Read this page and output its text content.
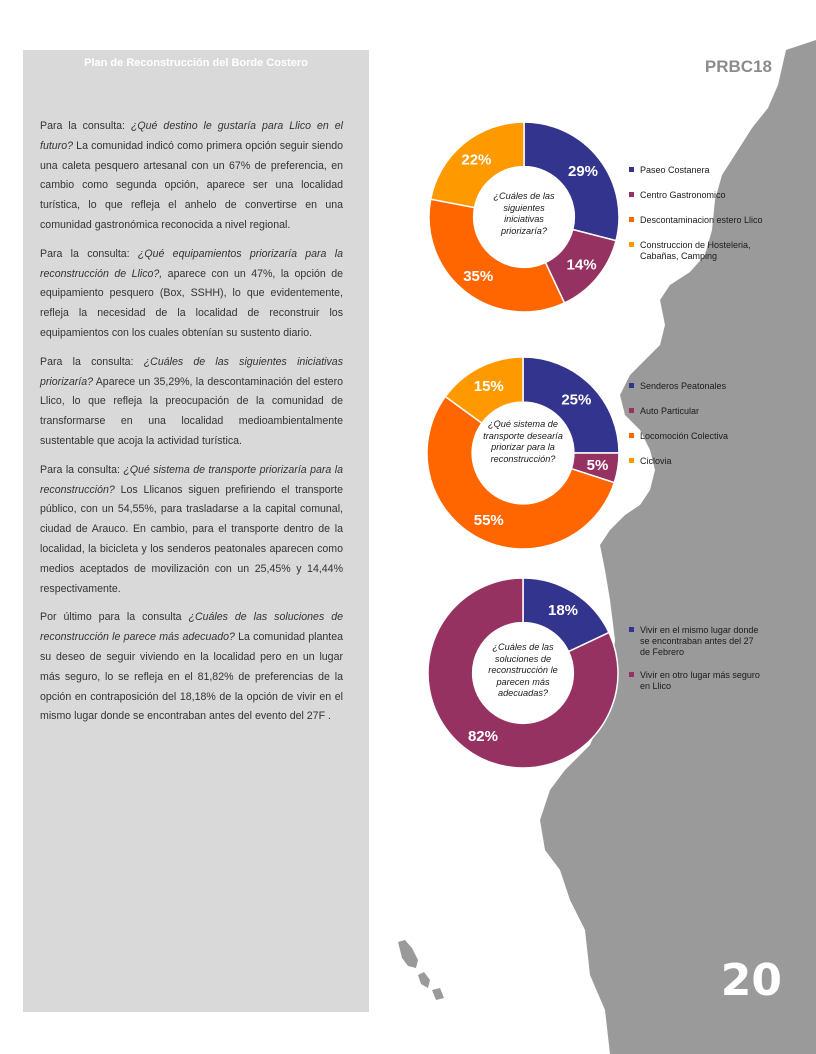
Plan de Reconstrucción del Borde Costero

Para la consulta: ¿Qué destino le gustaría para Llico en el futuro? La comunidad indicó como primera opción seguir siendo una caleta pesquero artesanal con un 67% de preferencia, en cambio como segunda opción, aparece ser una localidad turística, lo que refleja el anhelo de convertirse en una comunidad gastronómica reconocida a nivel regional.

Para la consulta: ¿Qué equipamientos priorizaría para la reconstrucción de Llico?, aparece con un 47%, la opción de equipamiento pesquero (Box, SSHH), lo que evidentemente, refleja la necesidad de la localidad de reconstruir los equipamientos con los cuales obtenían su sustento diario.

Para la consulta: ¿Cuáles de las siguientes iniciativas priorizaría? Aparece un 35,29%, la descontaminación del estero Llico, lo que refleja la preocupación de la comunidad de transformarse en una localidad medioambientalmente sustentable que acoja la actividad turística.

Para la consulta: ¿Qué sistema de transporte priorizaría para la reconstrucción? Los Llicanos siguen prefiriendo el transporte público, con un 54,55%, para trasladarse a la capital comunal, ciudad de Arauco. En cambio, para el transporte dentro de la localidad, la bicicleta y los senderos peatonales aparecen como medios aceptados de movilización con un 25,45% y 14,44% respectivamente.

Por último para la consulta ¿Cuáles de las soluciones de reconstrucción le parece más adecuado? La comunidad plantea su deseo de seguir viviendo en la localidad pero en un lugar más seguro, lo se refleja en el 81,82% de preferencias de la opción en contraposición del 18,18% de la opción de vivir en el mismo lugar donde se encontraban antes del evento del 27F .

PRBC18
20
29%
14%
35%
22%
¿Cuáles de las siguientes iniciativas priorizaría?
Paseo Costanera
Centro Gastronomico
Descontaminacion estero Llico
Construccion de Hosteleria, Cabañas, Camping
25%
5%
55%
15%
¿Qué sistema de transporte desearía priorizar para la reconstrucción?
Senderos Peatonales
Auto Particular
Locomoción Colectiva
Ciclovia
18%
82%
¿Cuáles de las soluciones de reconstrucción le parecen más adecuadas?
Vivir en el mismo lugar donde se encontraban antes del 27 de Febrero
Vivir en otro lugar más seguro en Llico
